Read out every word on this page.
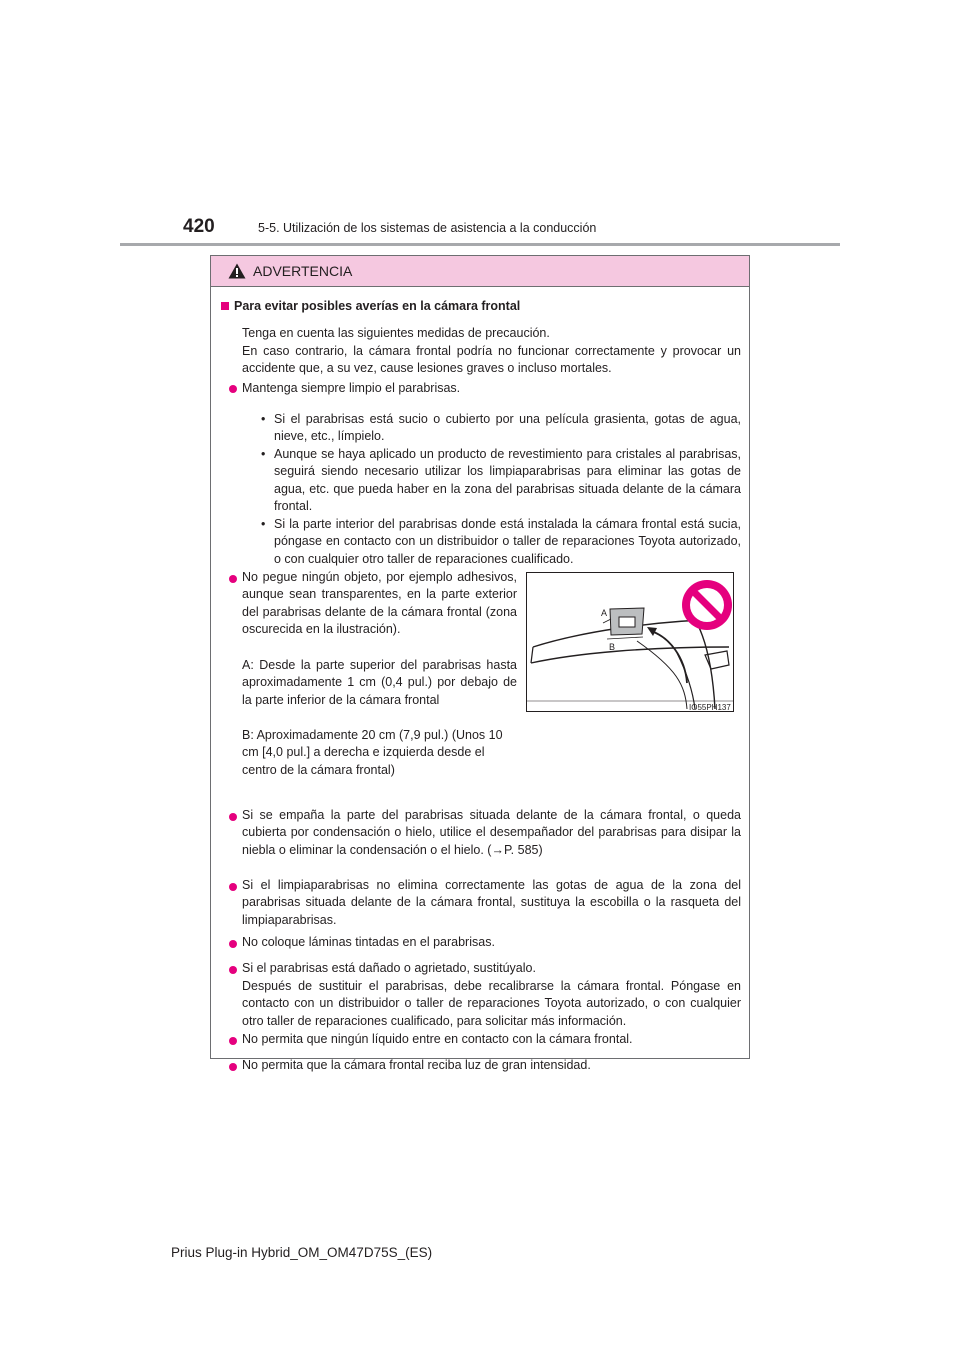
420	5-5. Utilización de los sistemas de asistencia a la conducción
ADVERTENCIA
Para evitar posibles averías en la cámara frontal
Tenga en cuenta las siguientes medidas de precaución.
En caso contrario, la cámara frontal podría no funcionar correctamente y provocar un accidente que, a su vez, cause lesiones graves o incluso mortales.
Mantenga siempre limpio el parabrisas.
• Si el parabrisas está sucio o cubierto por una película grasienta, gotas de agua, nieve, etc., límpielo.
• Aunque se haya aplicado un producto de revestimiento para cristales al parabrisas, seguirá siendo necesario utilizar los limpiaparabrisas para eliminar las gotas de agua, etc. que pueda haber en la zona del parabrisas situada delante de la cámara frontal.
• Si la parte interior del parabrisas donde está instalada la cámara frontal está sucia, póngase en contacto con un distribuidor o taller de reparaciones Toyota autorizado, o con cualquier otro taller de reparaciones cualificado.
No pegue ningún objeto, por ejemplo adhesivos, aunque sean transparentes, en la parte exterior del parabrisas delante de la cámara frontal (zona oscurecida en la ilustración).
A: Desde la parte superior del parabrisas hasta aproximadamente 1 cm (0,4 pul.) por debajo de la parte inferior de la cámara frontal
B: Aproximadamente 20 cm (7,9 pul.) (Unos 10 cm [4,0 pul.] a derecha e izquierda desde el centro de la cámara frontal)
A
B
IO55PH137
Si se empaña la parte del parabrisas situada delante de la cámara frontal, o queda cubierta por condensación o hielo, utilice el desempañador del parabrisas para disipar la niebla o eliminar la condensación o el hielo. (→P. 585)
Si el limpiaparabrisas no elimina correctamente las gotas de agua de la zona del parabrisas situada delante de la cámara frontal, sustituya la escobilla o la rasqueta del limpiaparabrisas.
No coloque láminas tintadas en el parabrisas.
Si el parabrisas está dañado o agrietado, sustitúyalo.
Después de sustituir el parabrisas, debe recalibrarse la cámara frontal. Póngase en contacto con un distribuidor o taller de reparaciones Toyota autorizado, o con cualquier otro taller de reparaciones cualificado, para solicitar más información.
No permita que ningún líquido entre en contacto con la cámara frontal.
No permita que la cámara frontal reciba luz de gran intensidad.
Prius Plug-in Hybrid_OM_OM47D75S_(ES)
